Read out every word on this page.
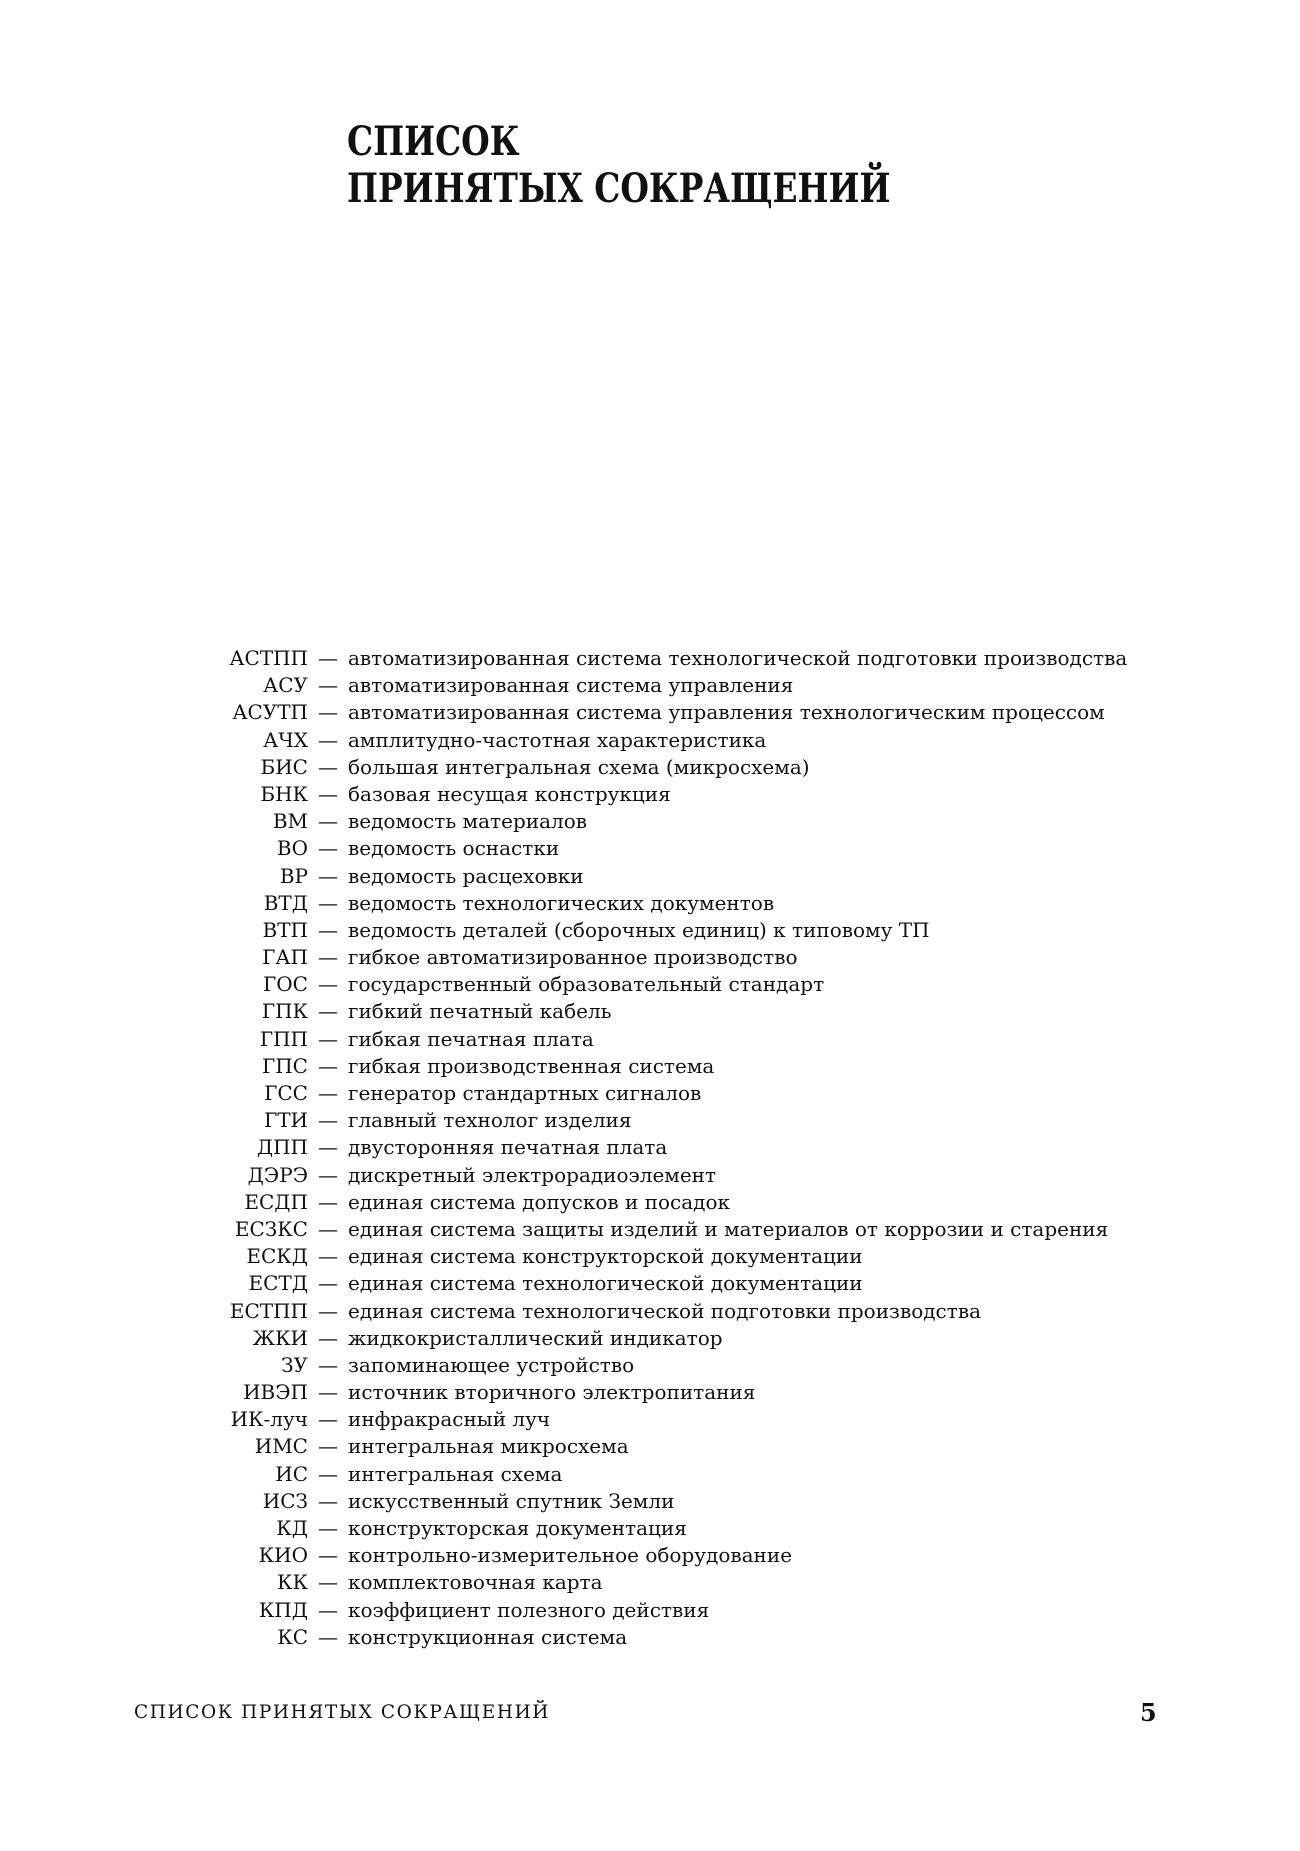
СПИСОК
ПРИНЯТЫХ СОКРАЩЕНИЙ
АСТПП — автоматизированная система технологической подготовки производства
АСУ — автоматизированная система управления
АСУТП — автоматизированная система управления технологическим процессом
АЧХ — амплитудно-частотная характеристика
БИС — большая интегральная схема (микросхема)
БНК — базовая несущая конструкция
ВМ — ведомость материалов
ВО — ведомость оснастки
ВР — ведомость расцеховки
ВТД — ведомость технологических документов
ВТП — ведомость деталей (сборочных единиц) к типовому ТП
ГАП — гибкое автоматизированное производство
ГОС — государственный образовательный стандарт
ГПК — гибкий печатный кабель
ГПП — гибкая печатная плата
ГПС — гибкая производственная система
ГСС — генератор стандартных сигналов
ГТИ — главный технолог изделия
ДПП — двусторонняя печатная плата
ДЭРЭ — дискретный электрорадиоэлемент
ЕСДП — единая система допусков и посадок
ЕСЗКС — единая система защиты изделий и материалов от коррозии и старения
ЕСКД — единая система конструкторской документации
ЕСТД — единая система технологической документации
ЕСТПП — единая система технологической подготовки производства
ЖКИ — жидкокристаллический индикатор
ЗУ — запоминающее устройство
ИВЭП — источник вторичного электропитания
ИК-луч — инфракрасный луч
ИМС — интегральная микросхема
ИС — интегральная схема
ИСЗ — искусственный спутник Земли
КД — конструкторская документация
КИО — контрольно-измерительное оборудование
КК — комплектовочная карта
КПД — коэффициент полезного действия
КС — конструкционная система
СПИСОК ПРИНЯТЫХ СОКРАЩЕНИЙ	5
